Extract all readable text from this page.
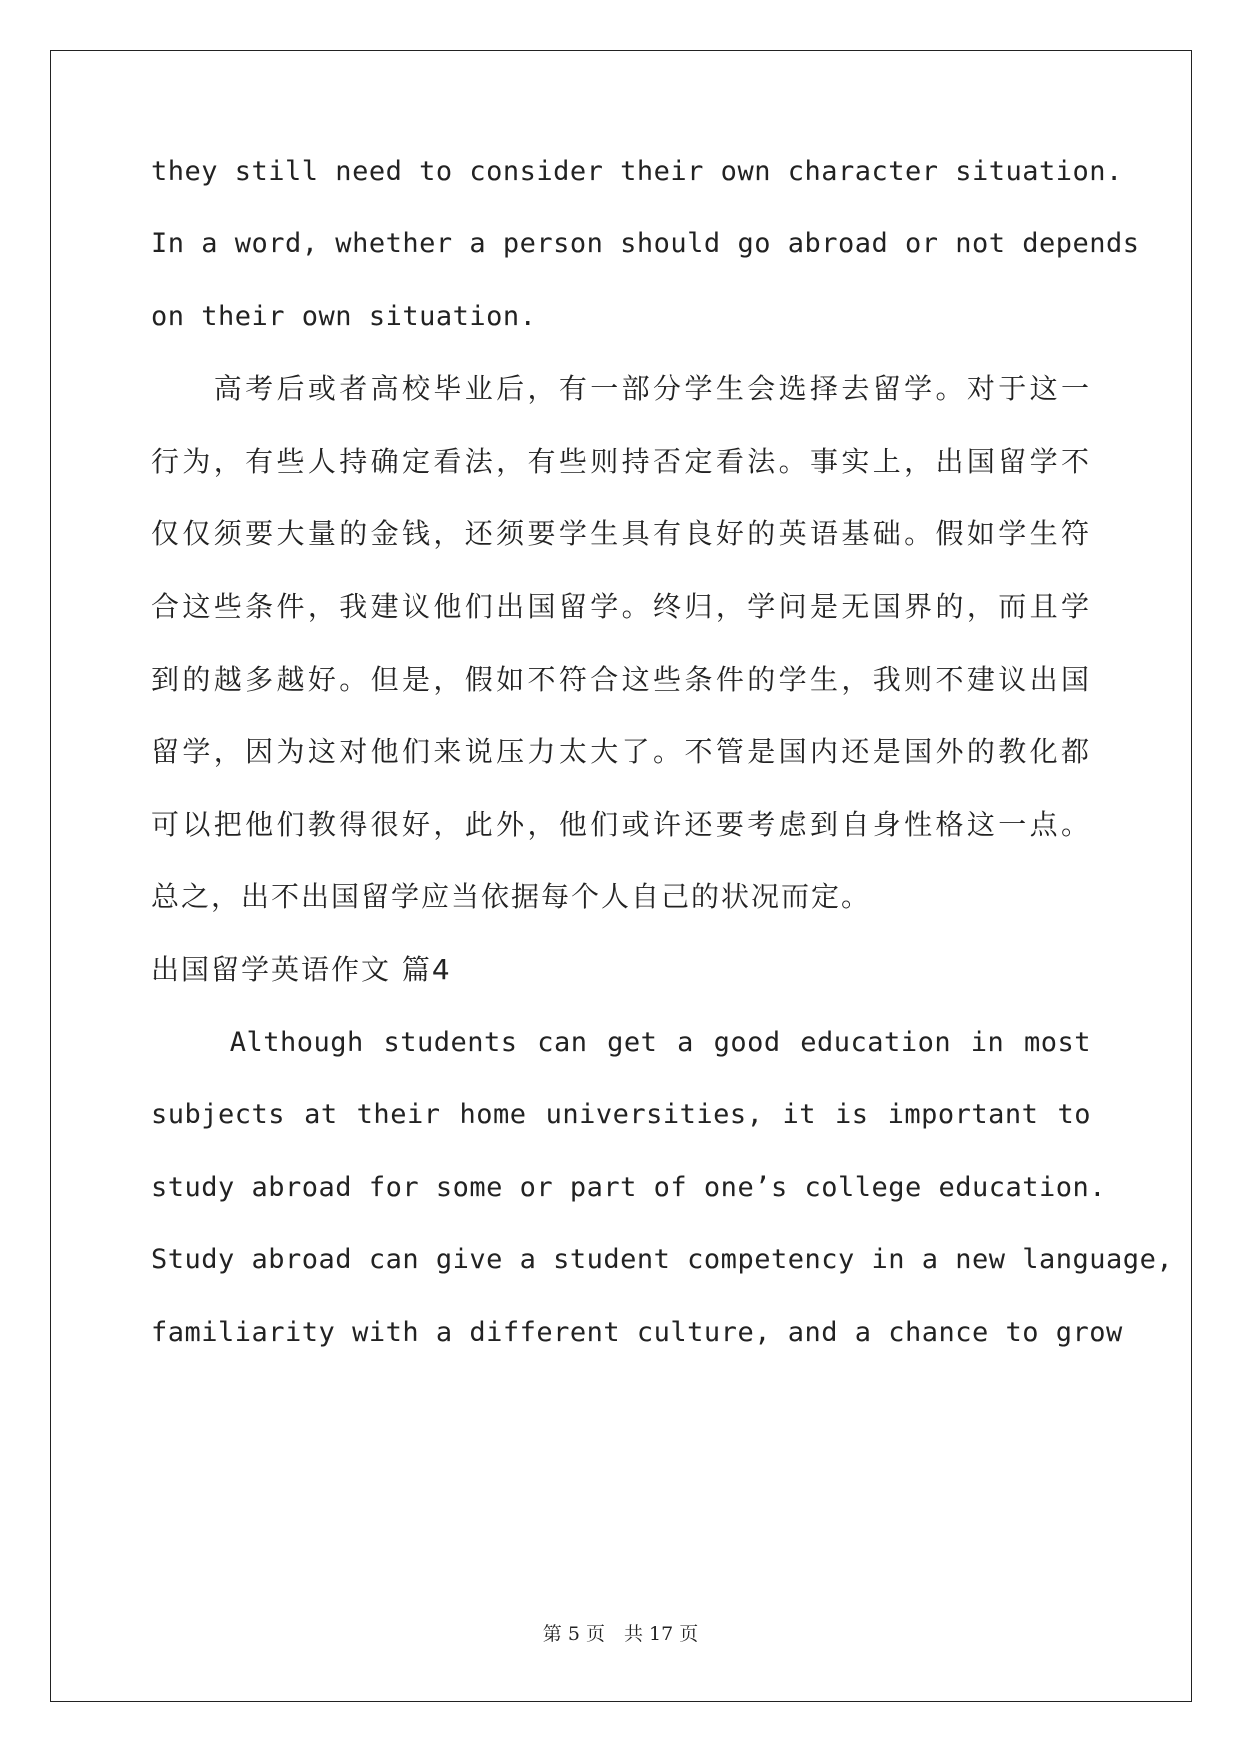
they still need to consider their own character situation.
In a word, whether a person should go abroad or not depends
on their own situation.
　　高考后或者高校毕业后，有一部分学生会选择去留学。对于这一
行为，有些人持确定看法，有些则持否定看法。事实上，出国留学不
仅仅须要大量的金钱，还须要学生具有良好的英语基础。假如学生符
合这些条件，我建议他们出国留学。终归，学问是无国界的，而且学
到的越多越好。但是，假如不符合这些条件的学生，我则不建议出国
留学，因为这对他们来说压力太大了。不管是国内还是国外的教化都
可以把他们教得很好，此外，他们或许还要考虑到自身性格这一点。
总之，出不出国留学应当依据每个人自己的状况而定。
出国留学英语作文 篇4
Although students can get a good education in most
subjects at their home universities, it is important to
study abroad for some or part of one’s college education.
Study abroad can give a student competency in a new language,
familiarity with a different culture, and a chance to grow
第 5 页　共 17 页
